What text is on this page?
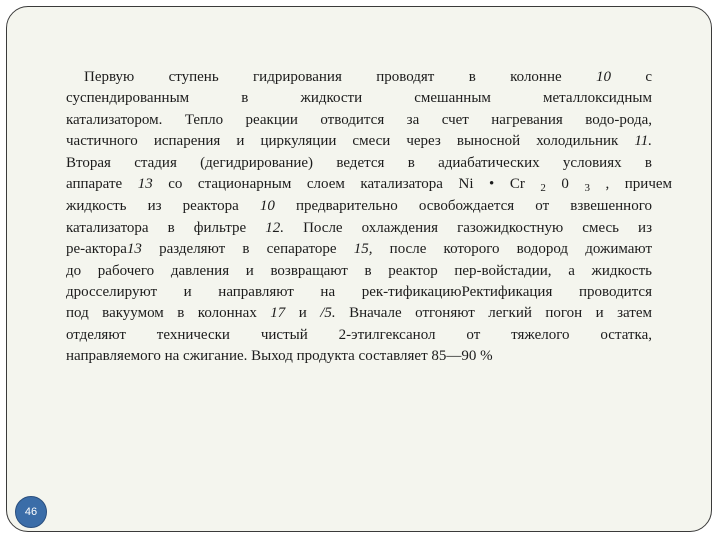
Первую ступень гидрирования проводят в колонне 10 с
суспендированным в жидкости смешанным металлоксидным
катализатором. Тепло реакции отводится за счет нагревания водо-рода,
частичного испарения и циркуляции смеси через выносной холодильник 11.
Вторая стадия (дегидрирование) ведется в адиабатических условиях в
аппарате 13 со стационарным слоем катализатора Ni • Cr $_2$ 0 $_3$ , причем
жидкость из реактора 10 предварительно освобождается от взвешенного
катализатора в фильтре 12. После охлаждения газожидкостную смесь из
ре-актора13 разделяют в сепараторе 15, после которого водород дожимают
до рабочего давления и возвращают в реактор пер-войстадии, а жидкость
дросселируют и направляют на рек-тификациюРектификация проводится
под вакуумом в колоннах 17 и /5. Вначале отгоняют легкий погон и затем
отделяют технически чистый 2-этилгексанол от тяжелого остатка,
направляемого на сжигание. Выход продукта составляет 85—90 %
46
